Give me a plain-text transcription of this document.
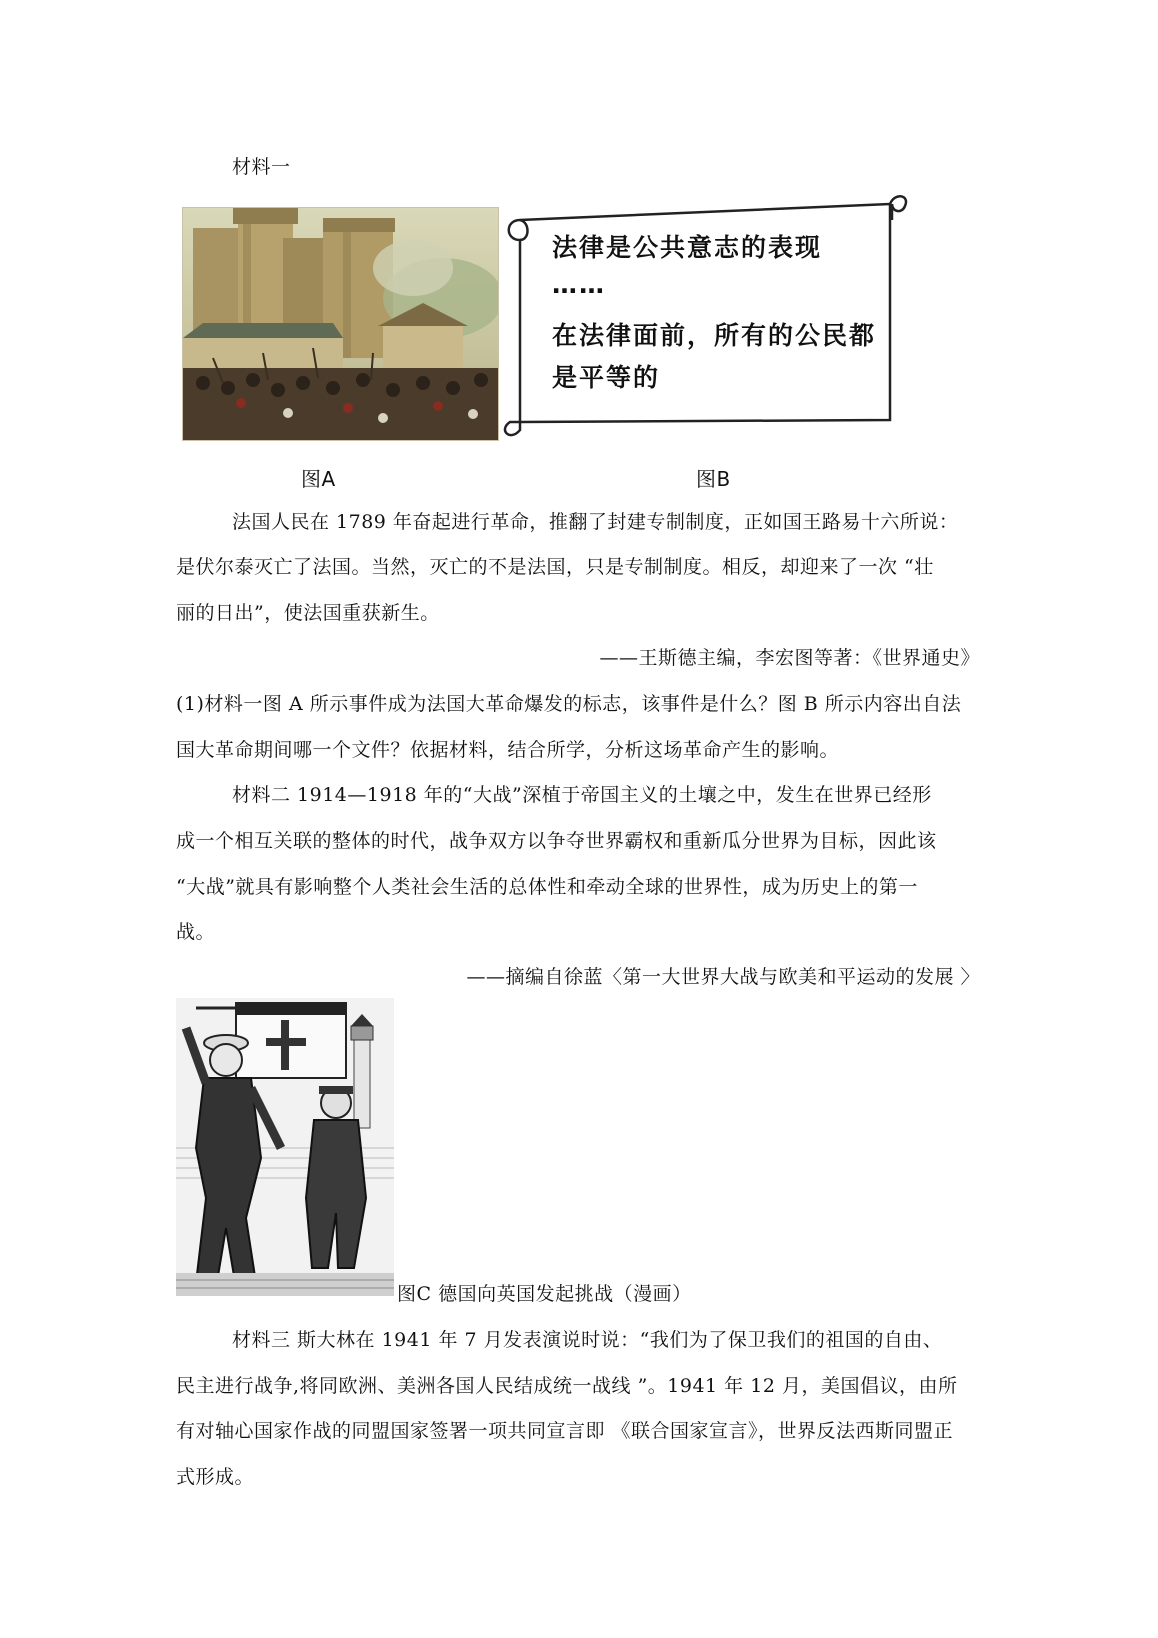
材料一
法律是公共意志的表现
……
在法律面前，所有的公民都
是平等的
图A	图B
法国人民在 1789 年奋起进行革命，推翻了封建专制制度，正如国王路易十六所说：
是伏尔泰灭亡了法国。当然，灭亡的不是法国，只是专制制度。相反，却迎来了一次 “壮
丽的日出”，使法国重获新生。
——王斯德主编，李宏图等著：《世界通史》
(1)材料一图 A 所示事件成为法国大革命爆发的标志，该事件是什么？图 B 所示内容出自法
国大革命期间哪一个文件？依据材料，结合所学，分析这场革命产生的影响。
材料二 1914—1918 年的“大战”深植于帝国主义的土壤之中，发生在世界已经形
成一个相互关联的整体的时代，战争双方以争夺世界霸权和重新瓜分世界为目标，因此该
“大战”就具有影响整个人类社会生活的总体性和牵动全球的世界性，成为历史上的第一
战。
——摘编自徐蓝〈第一大世界大战与欧美和平运动的发展 〉
图C 德国向英国发起挑战（漫画）
材料三 斯大林在 1941 年 7 月发表演说时说：“我们为了保卫我们的祖国的自由、
民主进行战争,将同欧洲、美洲各国人民结成统一战线 ”。1941 年 12 月，美国倡议，由所
有对轴心国家作战的同盟国家签署一项共同宣言即 《联合国家宣言》，世界反法西斯同盟正
式形成。
